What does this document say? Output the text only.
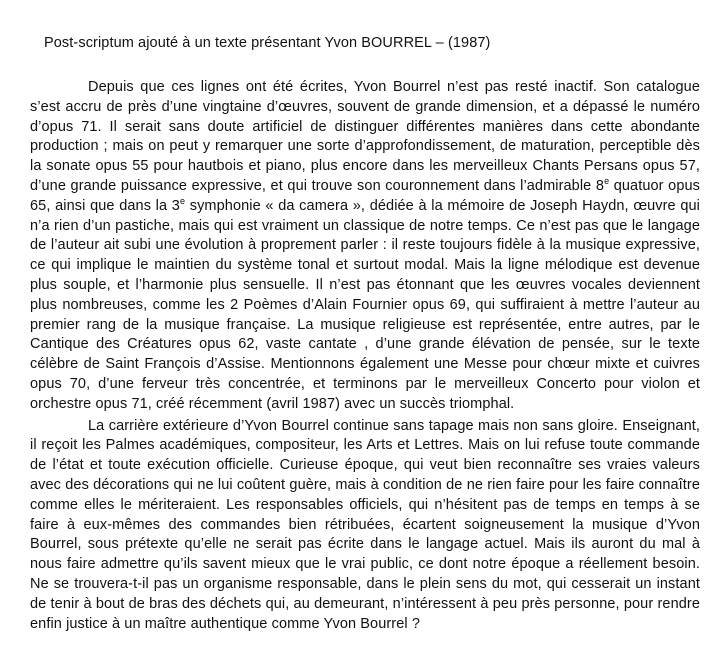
Post-scriptum ajouté à un texte présentant Yvon BOURREL – (1987)

Depuis que ces lignes ont été écrites, Yvon Bourrel n’est pas resté inactif. Son catalogue s’est accru de près d’une vingtaine d’œuvres, souvent de grande dimension, et a dépassé le numéro d’opus 71. Il serait sans doute artificiel de distinguer différentes manières dans cette abondante production ; mais on peut y remarquer une sorte d’approfondissement, de maturation, perceptible dès la sonate opus 55 pour hautbois et piano, plus encore dans les merveilleux Chants Persans opus 57, d’une grande puissance expressive, et qui trouve son couronnement dans l’admirable 8e quatuor opus 65, ainsi que dans la 3e symphonie « da camera », dédiée à la mémoire de Joseph Haydn, œuvre qui n’a rien d’un pastiche, mais qui est vraiment un classique de notre temps. Ce n’est pas que le langage de l’auteur ait subi une évolution à proprement parler : il reste toujours fidèle à la musique expressive, ce qui implique le maintien du système tonal et surtout modal. Mais la ligne mélodique est devenue plus souple, et l’harmonie plus sensuelle. Il n’est pas étonnant que les œuvres vocales deviennent plus nombreuses, comme les 2 Poèmes d’Alain Fournier opus 69, qui suffiraient à mettre l’auteur au premier rang de la musique française. La musique religieuse est représentée, entre autres, par le Cantique des Créatures opus 62, vaste cantate , d’une grande élévation de pensée, sur le texte célèbre de Saint François d’Assise. Mentionnons également une Messe pour chœur mixte et cuivres opus 70, d’une ferveur très concentrée, et terminons par le merveilleux Concerto pour violon et orchestre opus 71, créé récemment (avril 1987) avec un succès triomphal.

La carrière extérieure d’Yvon Bourrel continue sans tapage mais non sans gloire. Enseignant, il reçoit les Palmes académiques, compositeur, les Arts et Lettres. Mais on lui refuse toute commande de l’état et toute exécution officielle. Curieuse époque, qui veut bien reconnaître ses vraies valeurs avec des décorations qui ne lui coûtent guère, mais à condition de ne rien faire pour les faire connaître comme elles le mériteraient. Les responsables officiels, qui n’hésitent pas de temps en temps à se faire à eux-mêmes des commandes bien rétribuées, écartent soigneusement la musique d’Yvon Bourrel, sous prétexte qu’elle ne serait pas écrite dans le langage actuel. Mais ils auront du mal à nous faire admettre qu’ils savent mieux que le vrai public, ce dont notre époque a réellement besoin. Ne se trouvera-t-il pas un organisme responsable, dans le plein sens du mot, qui cesserait un instant de tenir à bout de bras des déchets qui, au demeurant, n’intéressent à peu près personne, pour rendre enfin justice à un maître authentique comme Yvon Bourrel ?
